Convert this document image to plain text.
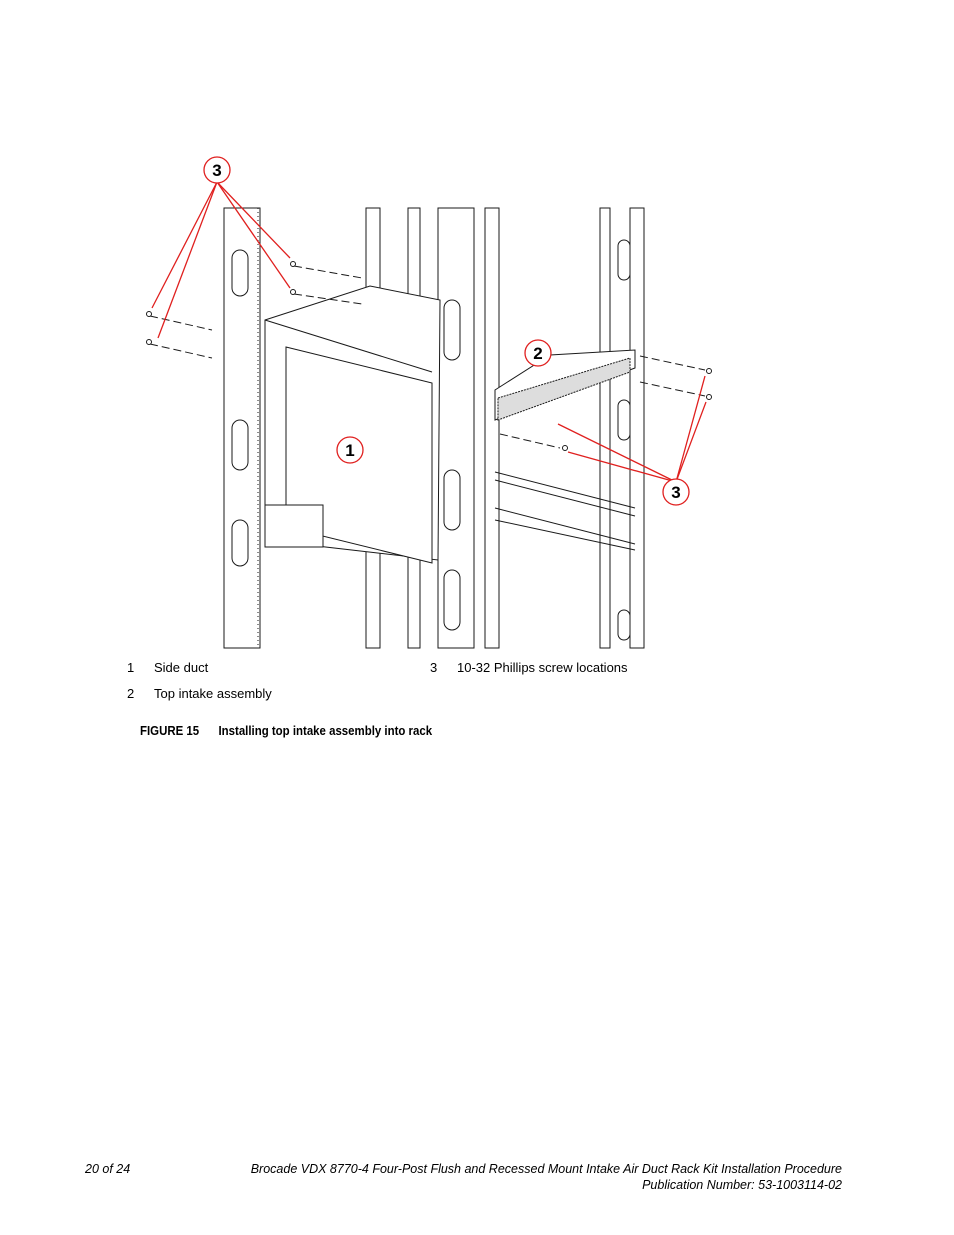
3
1
2
3
1 Side duct
2 Top intake assembly
3 10-32 Phillips screw locations
FIGURE 15 Installing top intake assembly into rack
20 of 24	Brocade VDX 8770-4 Four-Post Flush and Recessed Mount Intake Air Duct Rack Kit Installation Procedure
Publication Number: 53-1003114-02
